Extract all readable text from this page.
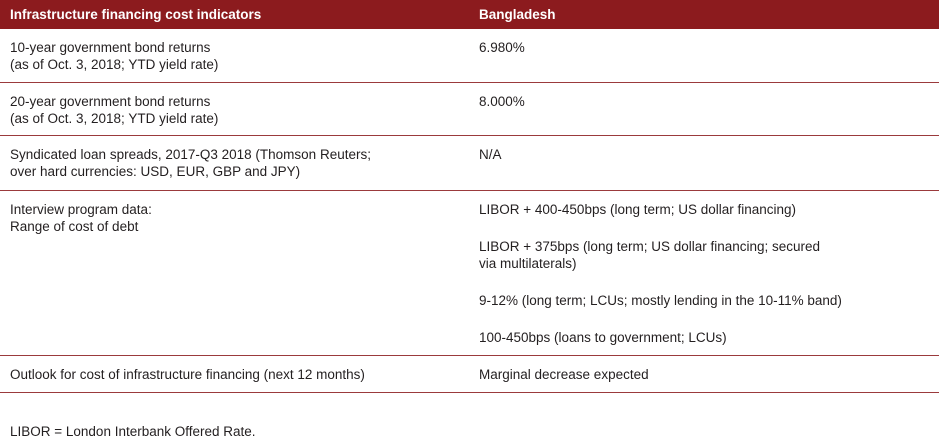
Infrastructure financing cost indicators	Bangladesh
10-year government bond returns
(as of Oct. 3, 2018; YTD yield rate)
6.980%
20-year government bond returns
(as of Oct. 3, 2018; YTD yield rate)
8.000%
Syndicated loan spreads, 2017-Q3 2018 (Thomson Reuters;
over hard currencies: USD, EUR, GBP and JPY)
N/A
Interview program data:
Range of cost of debt
LIBOR + 400-450bps (long term; US dollar financing)
LIBOR + 375bps (long term; US dollar financing; secured
via multilaterals)
9-12% (long term; LCUs; mostly lending in the 10-11% band)
100-450bps (loans to government; LCUs)
Outlook for cost of infrastructure financing (next 12 months)	Marginal decrease expected
LIBOR = London Interbank Offered Rate.
